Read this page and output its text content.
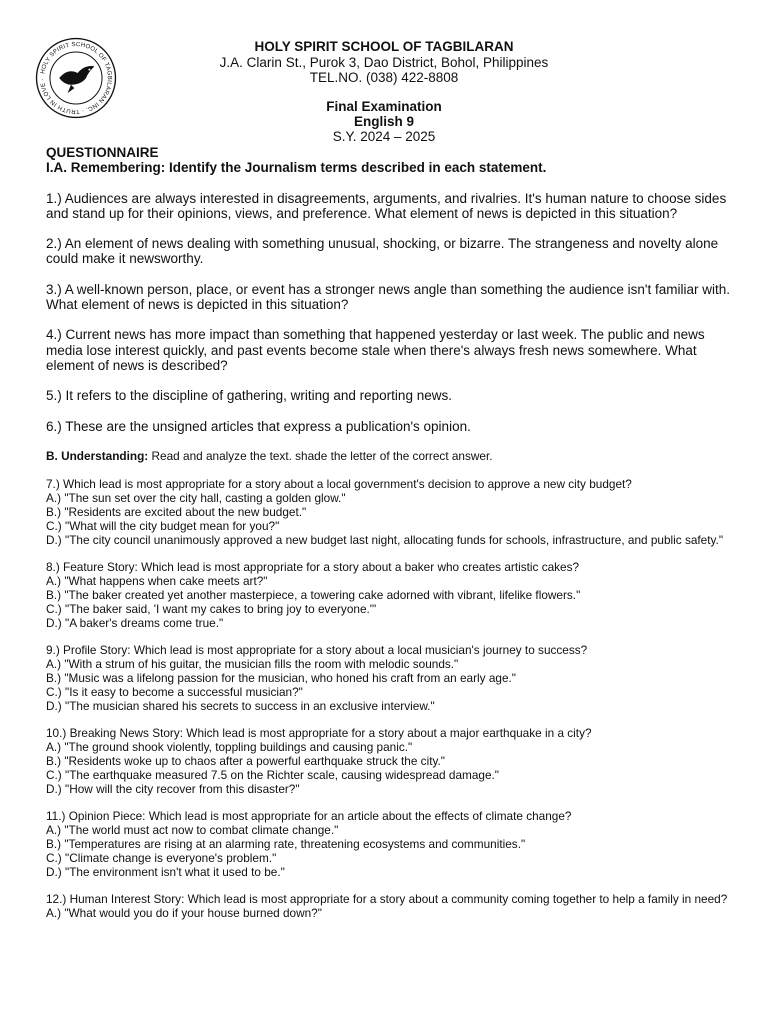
HOLY SPIRIT SCHOOL OF TAGBILARAN INC. · TRUTH IN LOVE ·
HOLY SPIRIT SCHOOL OF TAGBILARAN
J.A. Clarin St., Purok 3, Dao District, Bohol, Philippines
TEL.NO. (038) 422-8808
Final Examination
English 9
S.Y. 2024 – 2025
QUESTIONNAIRE
I.A. Remembering: Identify the Journalism terms described in each statement.

1.) Audiences are always interested in disagreements, arguments, and rivalries. It's human nature to choose sides and stand up for their opinions, views, and preference. What element of news is depicted in this situation?

2.) An element of news dealing with something unusual, shocking, or bizarre. The strangeness and novelty alone could make it newsworthy.

3.) A well-known person, place, or event has a stronger news angle than something the audience isn't familiar with. What element of news is depicted in this situation?

4.) Current news has more impact than something that happened yesterday or last week. The public and news media lose interest quickly, and past events become stale when there's always fresh news somewhere. What element of news is described?

5.) It refers to the discipline of gathering, writing and reporting news.

6.) These are the unsigned articles that express a publication's opinion.

B. Understanding: Read and analyze the text. shade the letter of the correct answer.

7.) Which lead is most appropriate for a story about a local government's decision to approve a new city budget?
A.) "The sun set over the city hall, casting a golden glow."
B.) "Residents are excited about the new budget."
C.) "What will the city budget mean for you?"
D.) "The city council unanimously approved a new budget last night, allocating funds for schools, infrastructure, and public safety."
8.) Feature Story: Which lead is most appropriate for a story about a baker who creates artistic cakes?
A.) "What happens when cake meets art?"
B.) "The baker created yet another masterpiece, a towering cake adorned with vibrant, lifelike flowers."
C.) "The baker said, 'I want my cakes to bring joy to everyone.'"
D.) "A baker's dreams come true."
9.) Profile Story: Which lead is most appropriate for a story about a local musician's journey to success?
A.) "With a strum of his guitar, the musician fills the room with melodic sounds."
B.) "Music was a lifelong passion for the musician, who honed his craft from an early age."
C.) "Is it easy to become a successful musician?"
D.) "The musician shared his secrets to success in an exclusive interview."
10.) Breaking News Story: Which lead is most appropriate for a story about a major earthquake in a city?
A.) "The ground shook violently, toppling buildings and causing panic."
B.) "Residents woke up to chaos after a powerful earthquake struck the city."
C.) "The earthquake measured 7.5 on the Richter scale, causing widespread damage."
D.) "How will the city recover from this disaster?"
11.) Opinion Piece: Which lead is most appropriate for an article about the effects of climate change?
A.) "The world must act now to combat climate change."
B.) "Temperatures are rising at an alarming rate, threatening ecosystems and communities."
C.) "Climate change is everyone's problem."
D.) "The environment isn't what it used to be."
12.) Human Interest Story: Which lead is most appropriate for a story about a community coming together to help a family in need?
A.) "What would you do if your house burned down?"
